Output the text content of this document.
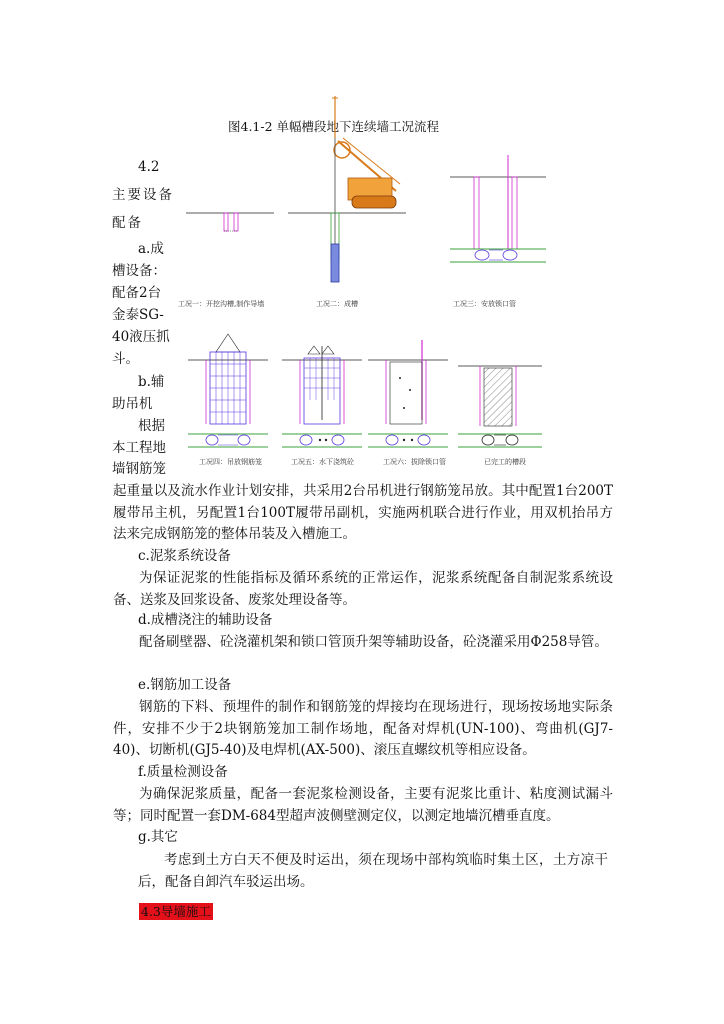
图4.1-2 单幅槽段地下连续墙工况流程
工况一：开挖沟槽,制作导墙	工况二：成槽	工况三：安放锁口管
工况四：吊放钢筋笼	工况五：水下浇筑砼	工况六：拔除锁口管	已完工的槽段
4.2
主要设备
配备
a.成
槽设备：
配备2台
金泰SG-
40液压抓
斗。
b.辅
助吊机
根据
本工程地
墙钢筋笼
起重量以及流水作业计划安排，共采用2台吊机进行钢筋笼吊放。其中配置1台200T履带吊主机，另配置1台100T履带吊副机，实施两机联合进行作业，用双机抬吊方法来完成钢筋笼的整体吊装及入槽施工。
c.泥浆系统设备
为保证泥浆的性能指标及循环系统的正常运作，泥浆系统配备自制泥浆系统设备、送浆及回浆设备、废浆处理设备等。
d.成槽浇注的辅助设备
配备刷壁器、砼浇灌机架和锁口管顶升架等辅助设备，砼浇灌采用Φ258导管。
e.钢筋加工设备
钢筋的下料、预埋件的制作和钢筋笼的焊接均在现场进行，现场按场地实际条件，安排不少于2块钢筋笼加工制作场地，配备对焊机(UN-100)、弯曲机(GJ7-40)、切断机(GJ5-40)及电焊机(AX-500)、滚压直螺纹机等相应设备。
f.质量检测设备
为确保泥浆质量，配备一套泥浆检测设备，主要有泥浆比重计、粘度测试漏斗等；同时配置一套DM-684型超声波侧壁测定仪，以测定地墙沉槽垂直度。
g.其它
考虑到土方白天不便及时运出，须在现场中部构筑临时集土区，土方凉干后，配备自卸汽车驳运出场。
4.3导墙施工
